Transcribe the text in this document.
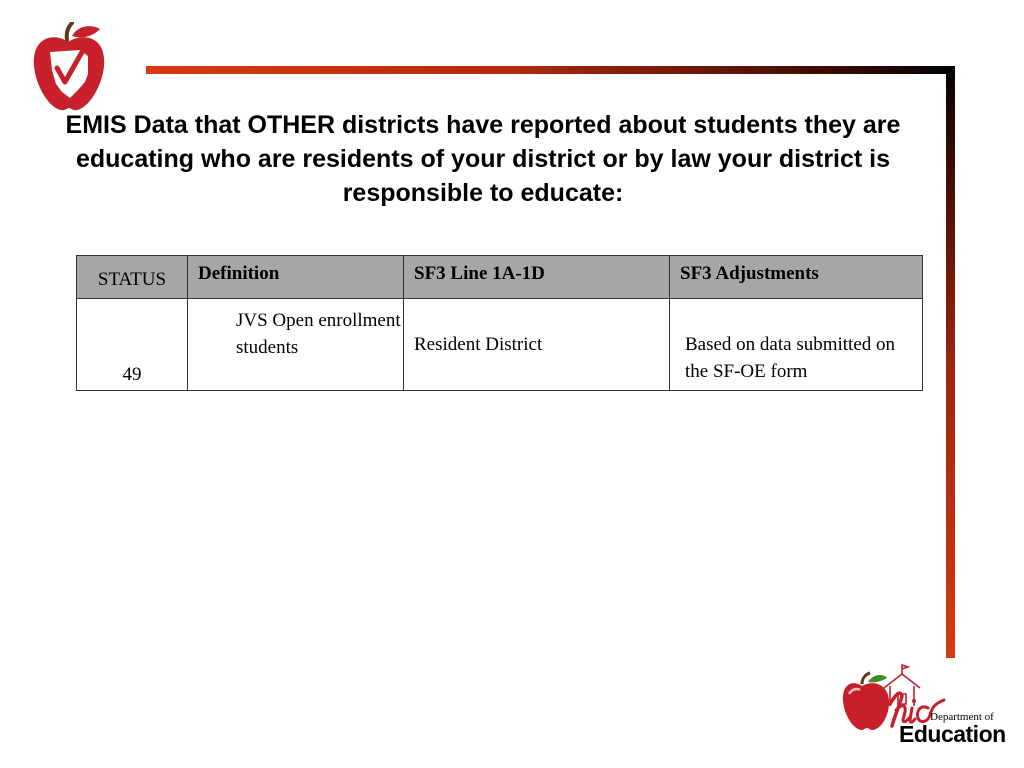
EMIS Data that OTHER districts have reported about students they are educating who are residents of your district or by law your district is responsible to educate:
STATUS	Definition	SF3 Line 1A-1D	SF3 Adjustments
49	JVS Open enrollment students	Resident District	Based on data submitted on the SF-OE form
Ohio
Department of
Education
